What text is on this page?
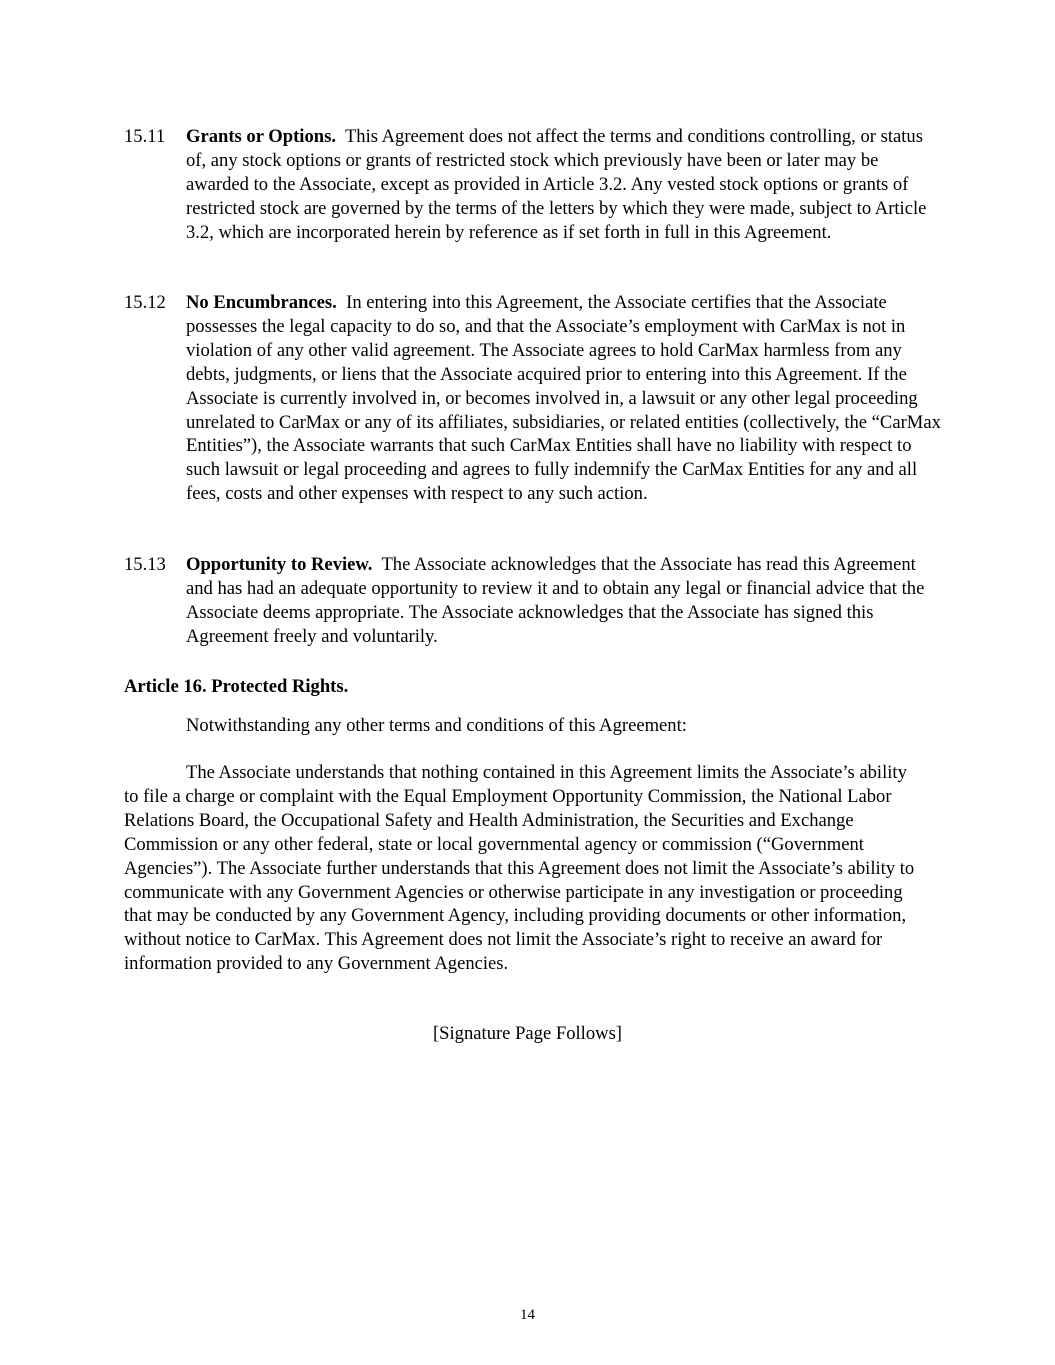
15.11	Grants or Options. This Agreement does not affect the terms and conditions controlling, or status of, any stock options or grants of restricted stock which previously have been or later may be awarded to the Associate, except as provided in Article 3.2. Any vested stock options or grants of restricted stock are governed by the terms of the letters by which they were made, subject to Article 3.2, which are incorporated herein by reference as if set forth in full in this Agreement.
15.12	No Encumbrances. In entering into this Agreement, the Associate certifies that the Associate possesses the legal capacity to do so, and that the Associate’s employment with CarMax is not in violation of any other valid agreement. The Associate agrees to hold CarMax harmless from any debts, judgments, or liens that the Associate acquired prior to entering into this Agreement. If the Associate is currently involved in, or becomes involved in, a lawsuit or any other legal proceeding unrelated to CarMax or any of its affiliates, subsidiaries, or related entities (collectively, the “CarMax Entities”), the Associate warrants that such CarMax Entities shall have no liability with respect to such lawsuit or legal proceeding and agrees to fully indemnify the CarMax Entities for any and all fees, costs and other expenses with respect to any such action.
15.13	Opportunity to Review. The Associate acknowledges that the Associate has read this Agreement and has had an adequate opportunity to review it and to obtain any legal or financial advice that the Associate deems appropriate. The Associate acknowledges that the Associate has signed this Agreement freely and voluntarily.
Article 16. Protected Rights.
Notwithstanding any other terms and conditions of this Agreement:
The Associate understands that nothing contained in this Agreement limits the Associate’s ability to file a charge or complaint with the Equal Employment Opportunity Commission, the National Labor Relations Board, the Occupational Safety and Health Administration, the Securities and Exchange Commission or any other federal, state or local governmental agency or commission (“Government Agencies”). The Associate further understands that this Agreement does not limit the Associate’s ability to communicate with any Government Agencies or otherwise participate in any investigation or proceeding that may be conducted by any Government Agency, including providing documents or other information, without notice to CarMax. This Agreement does not limit the Associate’s right to receive an award for information provided to any Government Agencies.
[Signature Page Follows]
14
